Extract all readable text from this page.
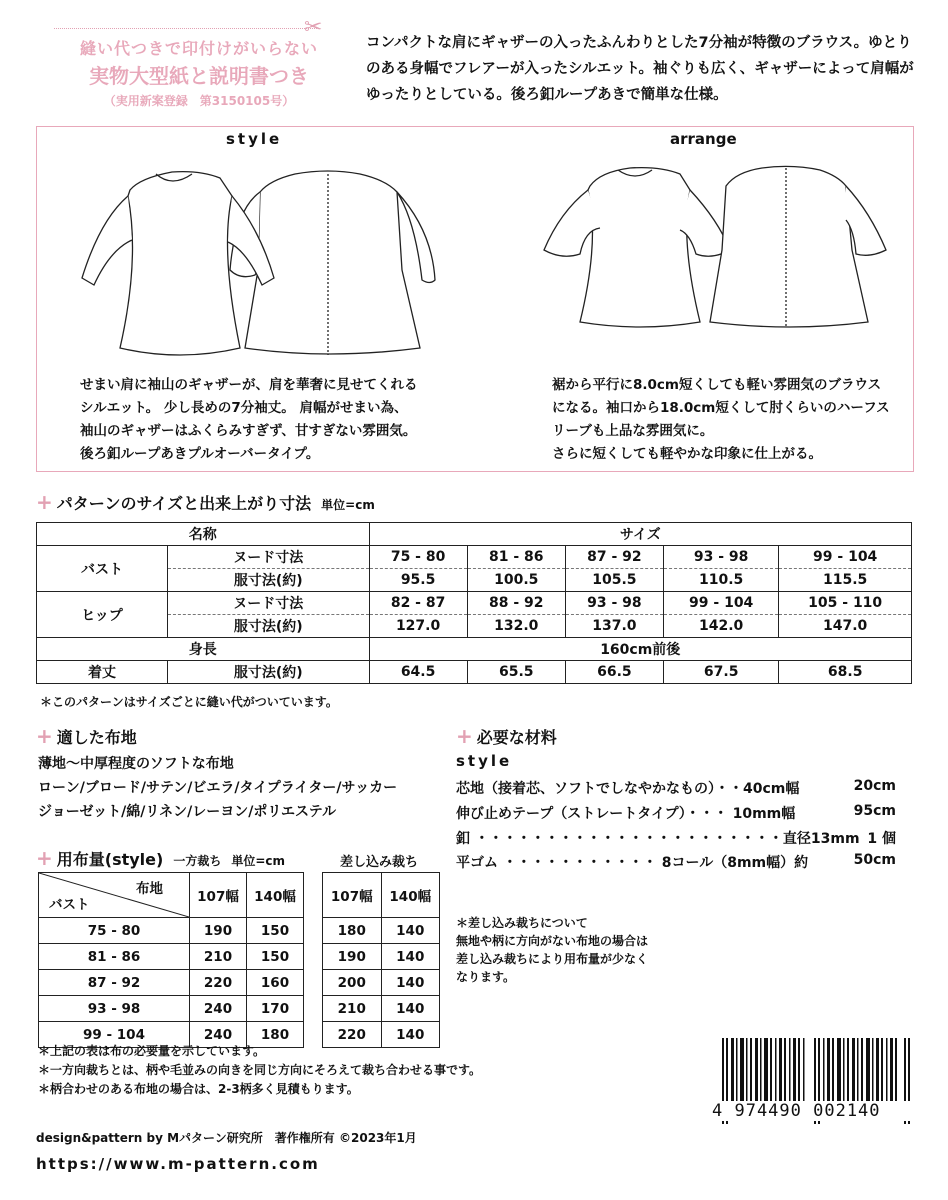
✂
縫い代つきで印付けがいらない
実物大型紙と説明書つき
（実用新案登録　第3150105号）
コンパクトな肩にギャザーの入ったふんわりとした7分袖が特徴のブラウス。ゆとりのある身幅でフレアーが入ったシルエット。袖ぐりも広く、ギャザーによって肩幅がゆったりとしている。後ろ釦ループあきで簡単な仕様。
style	arrange
せまい肩に袖山のギャザーが、肩を華奢に見せてくれる
シルエット。 少し長めの7分袖丈。 肩幅がせまい為、
袖山のギャザーはふくらみすぎず、甘すぎない雰囲気。
後ろ釦ループあきプルオーバータイプ。
裾から平行に8.0cm短くしても軽い雰囲気のブラウス
になる。袖口から18.0cm短くして肘くらいのハーフス
リーブも上品な雰囲気に。
さらに短くしても軽やかな印象に仕上がる。
+ パターンのサイズと出来上がり寸法 単位=cm
名称		サイズ				
バスト	ヌード寸法	75 - 80	81 - 86	87 - 92	93 - 98	99 - 104
	服寸法(約)	95.5	100.5	105.5	110.5	115.5
ヒップ	ヌード寸法	82 - 87	88 - 92	93 - 98	99 - 104	105 - 110
	服寸法(約)	127.0	132.0	137.0	142.0	147.0
身長		160cm前後				
着丈	服寸法(約)	64.5	65.5	66.5	67.5	68.5
＊このパターンはサイズごとに縫い代がついています。
+ 適した布地
薄地～中厚程度のソフトな布地
ローン/ブロード/サテン/ビエラ/タイプライター/サッカー
ジョーゼット/綿/リネン/レーヨン/ポリエステル
+ 必要な材料
style
芯地（接着芯、ソフトでしなやかなもの）・・40cm幅	20cm
伸び止めテープ（ストレートタイプ）・・・ 10mm幅	95cm
釦 ・・・・・・・・・・・・・・・・・・・・・・直径13mm 1 個
平ゴム ・・・・・・・・・・・ 8コール（8mm幅）約	50cm
+ 用布量(style) 一方裁ち 単位=cm	差し込み裁ち
布地
バスト	107幅	140幅
75 - 80	190	150
81 - 86	210	150
87 - 92	220	160
93 - 98	240	170
99 - 104	240	180
107幅	140幅
180	140
190	140
200	140
210	140
220	140
＊差し込み裁ちについて
無地や柄に方向がない布地の場合は
差し込み裁ちにより用布量が少なく
なります。
＊上記の表は布の必要量を示しています。
＊一方向裁ちとは、柄や毛並みの向きを同じ方向にそろえて裁ち合わせる事です。
＊柄合わせのある布地の場合は、2-3柄多く見積もります。
design&pattern by Mパターン研究所　著作権所有 ©2023年1月
https://www.m-pattern.com
4 974490 002140
